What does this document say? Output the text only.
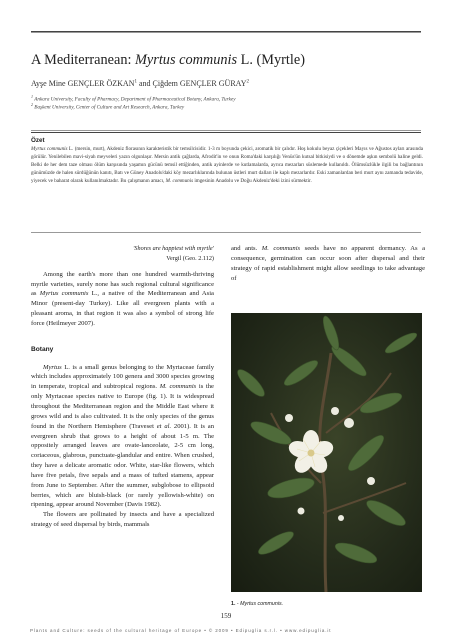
A Mediterranean: Myrtus communis L. (Myrtle)
Ayşe Mine GENÇLER ÖZKAN$^1$ and Çiğdem GENÇLER GÜRAY$^2$
$^1$ Ankara University, Faculty of Pharmacy, Department of Pharmaceutical Botany, Ankara, Turkey
$^2$ Başkent University, Center of Culture and Art Research, Ankara, Turkey
Özet
Myrtus communis L. (mersin, murt), Akdeniz florasının karakteristik bir temsilcisidir. 1-3 m boyunda çekici, aromatik bir çalıdır. Hoş kokulu beyaz çiçekleri Mayıs ve Ağustos ayları arasında görülür. Yenilebilen mavi-siyah meyveleri yazın olgunlaşır. Mersin antik çağlarda, Afrodit'in ve onun Roma'daki karşılığı Venüs'ün kutsal bitkisiydi ve o dönemde aşkın sembolü haline geldi. Belki de her dem taze olması ölüm karşısında yaşamın gücünü temsil ettiğinden, antik ayinlerde ve kutlamalarda, ayrıca mezarları süslemede kullanıldı. Ölümsüzlükle ilgili bu bağlantının günümüzde de halen sürdüğünün kanıtı, Batı ve Güney Anadolu'daki köy mezarlıklarında bulunan üstleri murt dalları ile kaplı mezarlardır. Eski zamanlardan beri murt aynı zamanda tedavide, yiyecek ve baharat olarak kullanılmaktadır. Bu çalışmanın amacı, M. communis imgesinin Anadolu ve Doğu Akdeniz'deki izini sürmektir.

'Shores are happiest with myrtle'

Vergil (Geo. 2.112)

Among the earth's more than one hundred warmth-thriving myrtle varieties, surely none has such regional cultural significance as Myrtus communis L., a native of the Mediterranean and Asia Minor (present-day Turkey). Like all evergreen plants with a pleasant aroma, in that region it was also a symbol of strong life force (Heilmeyer 2007).

Botany

Myrtus L. is a small genus belonging to the Myrtaceae family which includes approximately 100 genera and 3000 species growing in temperate, tropical and subtropical regions. M. communis is the only Myrtaceae species native to Europe (fig. 1). It is widespread throughout the Mediterranean region and the Middle East where it grows wild and is also cultivated. It is the only species of the genus found in the Northern Hemisphere (Traveset et al. 2001). It is an evergreen shrub that grows to a height of about 1-5 m. The oppositely arranged leaves are ovate-lanceolate, 2-5 cm long, coriaceous, glabrous, punctuate-glandular and entire. When crushed, they have a delicate aromatic odor. White, star-like flowers, which have five petals, five sepals and a mass of tufted stamens, appear from June to September. After the summer, subglobose to ellipsoid berries, which are bluish-black (or rarely yellowish-white) on ripening, appear around November (Davis 1982).

The flowers are pollinated by insects and have a specialized strategy of seed dispersal by birds, mammals

and ants. M. communis seeds have no apparent dormancy. As a consequence, germination can occur soon after dispersal and their strategy of rapid establishment might allow seedlings to take advantage of

1. - Myrtus communis.
159
Plants and Culture: seeds of the cultural heritage of Europe • © 2009 • Edipuglia s.r.l. • www.edipuglia.it
